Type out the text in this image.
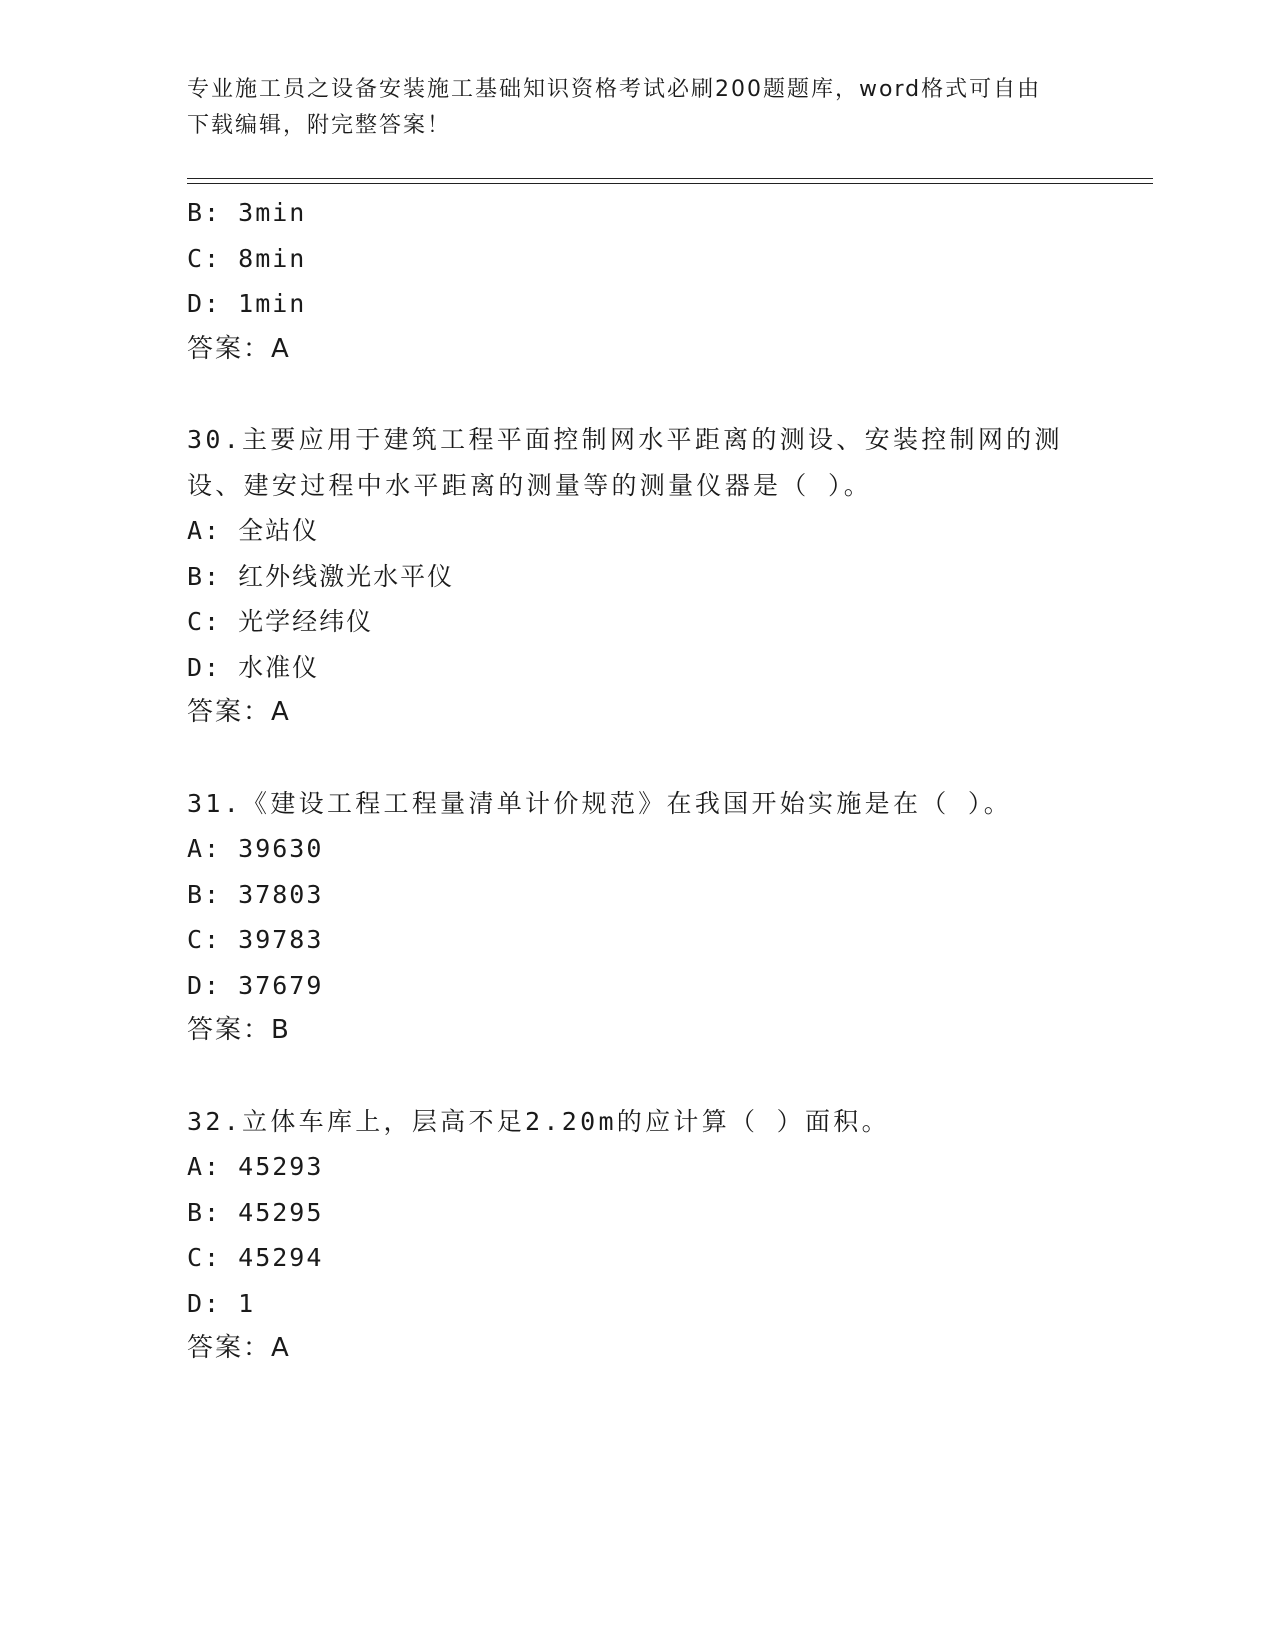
专业施工员之设备安装施工基础知识资格考试必刷200题题库，word格式可自由
下载编辑，附完整答案！
B: 3min
C: 8min
D: 1min
答案：A
30.主要应用于建筑工程平面控制网水平距离的测设、安装控制网的测
设、建安过程中水平距离的测量等的测量仪器是（ ）。
A: 全站仪
B: 红外线激光水平仪
C: 光学经纬仪
D: 水准仪
答案：A
31.《建设工程工程量清单计价规范》在我国开始实施是在（ ）。
A: 39630
B: 37803
C: 39783
D: 37679
答案：B
32.立体车库上，层高不足2.20m的应计算（ ）面积。
A: 45293
B: 45295
C: 45294
D: 1
答案：A
